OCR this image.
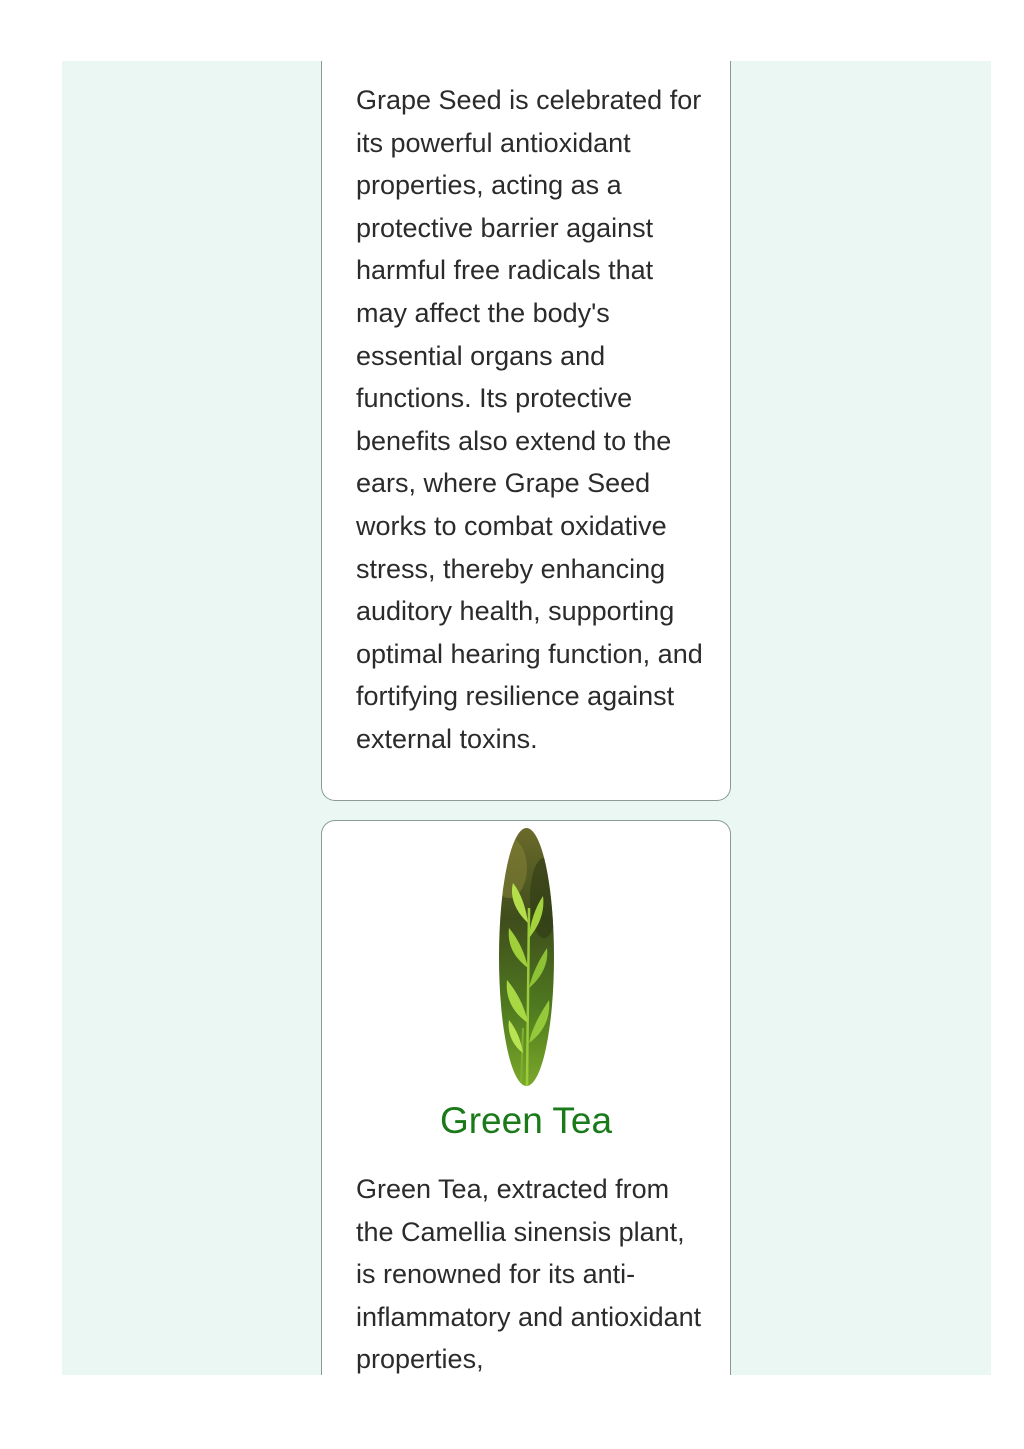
Grape Seed is celebrated for its powerful antioxidant properties, acting as a protective barrier against harmful free radicals that may affect the body's essential organs and functions. Its protective benefits also extend to the ears, where Grape Seed works to combat oxidative stress, thereby enhancing auditory health, supporting optimal hearing function, and fortifying resilience against external toxins.

Green Tea

Green Tea, extracted from the Camellia sinensis plant, is renowned for its anti-inflammatory and antioxidant properties,
